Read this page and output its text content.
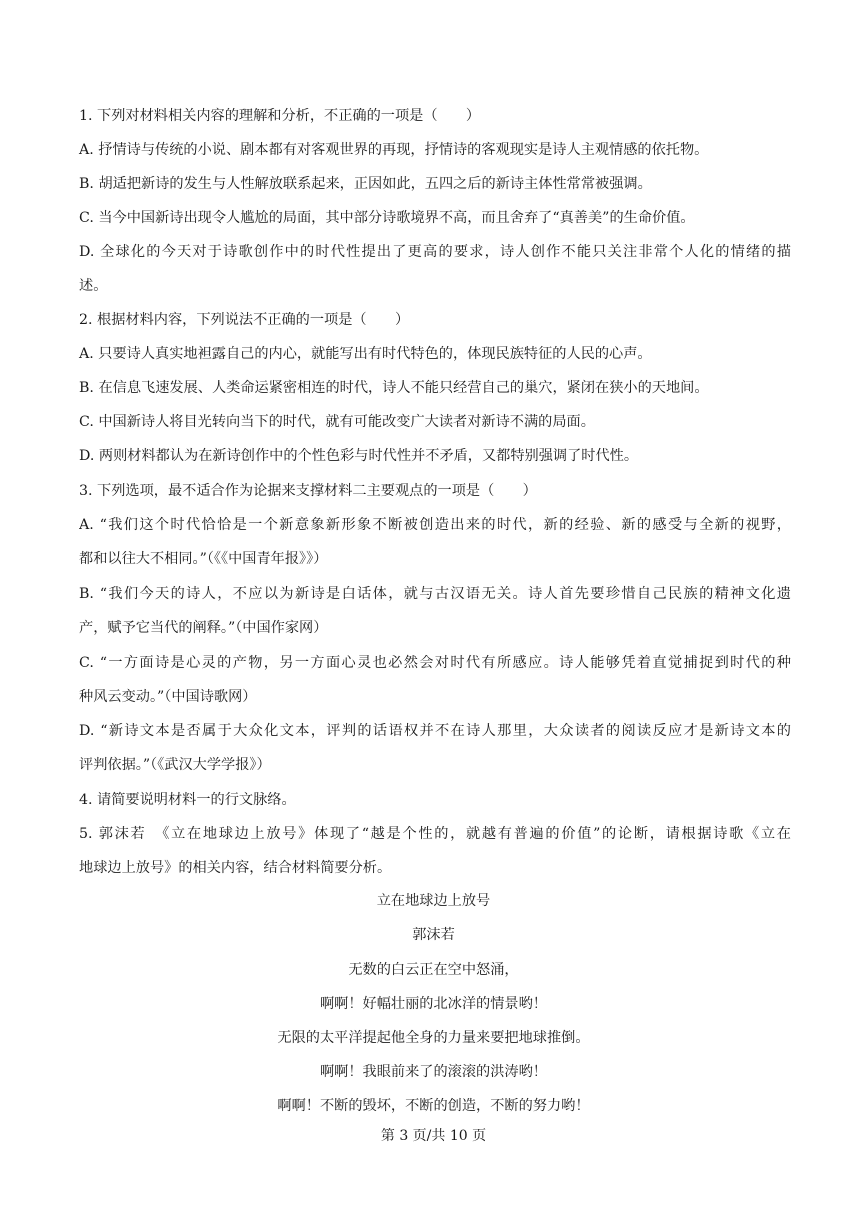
1. 下列对材料相关内容的理解和分析，不正确的一项是（　　）
A. 抒情诗与传统的小说、剧本都有对客观世界的再现，抒情诗的客观现实是诗人主观情感的依托物。
B. 胡适把新诗的发生与人性解放联系起来，正因如此，五四之后的新诗主体性常常被强调。
C. 当今中国新诗出现令人尴尬的局面，其中部分诗歌境界不高，而且舍弃了“真善美”的生命价值。
D. 全球化的今天对于诗歌创作中的时代性提出了更高的要求，诗人创作不能只关注非常个人化的情绪的描
述。
2. 根据材料内容，下列说法不正确的一项是（　　）
A. 只要诗人真实地袒露自己的内心，就能写出有时代特色的，体现民族特征的人民的心声。
B. 在信息飞速发展、人类命运紧密相连的时代，诗人不能只经营自己的巢穴，紧闭在狭小的天地间。
C. 中国新诗人将目光转向当下的时代，就有可能改变广大读者对新诗不满的局面。
D. 两则材料都认为在新诗创作中的个性色彩与时代性并不矛盾，又都特别强调了时代性。
3. 下列选项，最不适合作为论据来支撑材料二主要观点的一项是（　　）
A. “我们这个时代恰恰是一个新意象新形象不断被创造出来的时代，新的经验、新的感受与全新的视野，
都和以往大不相同。”（《《中国青年报》》）
B. “我们今天的诗人，不应以为新诗是白话体，就与古汉语无关。诗人首先要珍惜自己民族的精神文化遗
产，赋予它当代的阐释。”（中国作家网）
C. “一方面诗是心灵的产物，另一方面心灵也必然会对时代有所感应。诗人能够凭着直觉捕捉到时代的种
种风云变动。”（中国诗歌网）
D. “新诗文本是否属于大众化文本，评判的话语权并不在诗人那里，大众读者的阅读反应才是新诗文本的
评判依据。”（《武汉大学学报》）
4. 请简要说明材料一的行文脉络。
5. 郭沫若　《立在地球边上放号》体现了“越是个性的，就越有普遍的价值”的论断，请根据诗歌《立在
地球边上放号》的相关内容，结合材料简要分析。
立在地球边上放号
郭沫若
无数的白云正在空中怒涌，
啊啊！好幅壮丽的北冰洋的情景哟！
无限的太平洋提起他全身的力量来要把地球推倒。
啊啊！我眼前来了的滚滚的洪涛哟！
啊啊！不断的毁坏，不断的创造，不断的努力哟！
第 3 页/共 10 页
